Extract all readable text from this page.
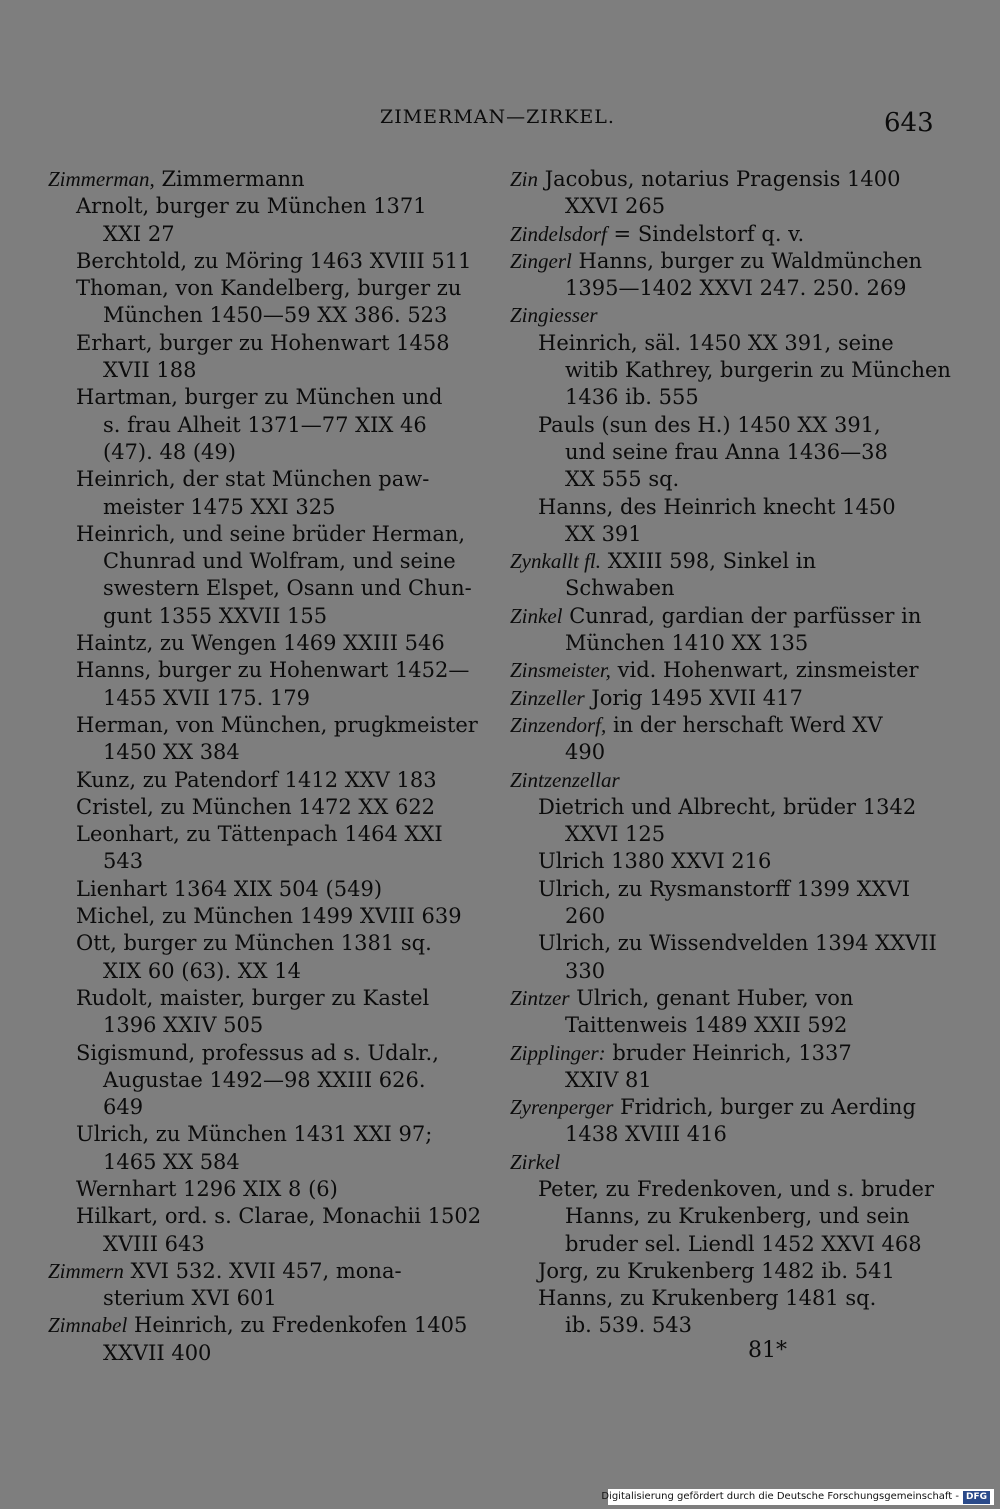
ZIMERMAN—ZIRKEL.	643
Zimmerman, Zimmermann
Arnolt, burger zu München 1371
XXI 27
Berchtold, zu Möring 1463 XVIII 511
Thoman, von Kandelberg, burger zu
München 1450—59 XX 386. 523
Erhart, burger zu Hohenwart 1458
XVII 188
Hartman, burger zu München und
s. frau Alheit 1371—77 XIX 46
(47). 48 (49)
Heinrich, der stat München paw-
meister 1475 XXI 325
Heinrich, und seine brüder Herman,
Chunrad und Wolfram, und seine
swestern Elspet, Osann und Chun-
gunt 1355 XXVII 155
Haintz, zu Wengen 1469 XXIII 546
Hanns, burger zu Hohenwart 1452—
1455 XVII 175. 179
Herman, von München, prugkmeister
1450 XX 384
Kunz, zu Patendorf 1412 XXV 183
Cristel, zu München 1472 XX 622
Leonhart, zu Tättenpach 1464 XXI
543
Lienhart 1364 XIX 504 (549)
Michel, zu München 1499 XVIII 639
Ott, burger zu München 1381 sq.
XIX 60 (63). XX 14
Rudolt, maister, burger zu Kastel
1396 XXIV 505
Sigismund, professus ad s. Udalr.,
Augustae 1492—98 XXIII 626.
649
Ulrich, zu München 1431 XXI 97;
1465 XX 584
Wernhart 1296 XIX 8 (6)
Hilkart, ord. s. Clarae, Monachii 1502
XVIII 643
Zimmern XVI 532. XVII 457, mona-
sterium XVI 601
Zimnabel Heinrich, zu Fredenkofen 1405
XXVII 400
Zin Jacobus, notarius Pragensis 1400
XXVI 265
Zindelsdorf = Sindelstorf q. v.
Zingerl Hanns, burger zu Waldmünchen
1395—1402 XXVI 247. 250. 269
Zingiesser
Heinrich, säl. 1450 XX 391, seine
witib Kathrey, burgerin zu München
1436 ib. 555
Pauls (sun des H.) 1450 XX 391,
und seine frau Anna 1436—38
XX 555 sq.
Hanns, des Heinrich knecht 1450
XX 391
Zynkallt fl. XXIII 598, Sinkel in
Schwaben
Zinkel Cunrad, gardian der parfüsser in
München 1410 XX 135
Zinsmeister, vid. Hohenwart, zinsmeister
Zinzeller Jorig 1495 XVII 417
Zinzendorf, in der herschaft Werd XV
490
Zintzenzellar
Dietrich und Albrecht, brüder 1342
XXVI 125
Ulrich 1380 XXVI 216
Ulrich, zu Rysmanstorff 1399 XXVI
260
Ulrich, zu Wissendvelden 1394 XXVII
330
Zintzer Ulrich, genant Huber, von
Taittenweis 1489 XXII 592
Zipplinger: bruder Heinrich, 1337
XXIV 81
Zyrenperger Fridrich, burger zu Aerding
1438 XVIII 416
Zirkel
Peter, zu Fredenkoven, und s. bruder
Hanns, zu Krukenberg, und sein
bruder sel. Liendl 1452 XXVI 468
Jorg, zu Krukenberg 1482 ib. 541
Hanns, zu Krukenberg 1481 sq.
ib. 539. 543
81*
Digitalisierung gefördert durch die Deutsche Forschungsgemeinschaft - DFG
